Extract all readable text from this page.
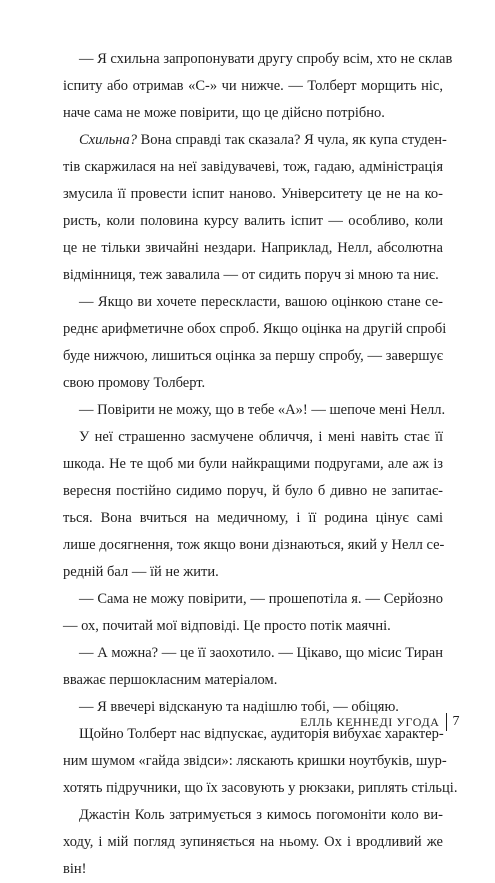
— Я схильна запропонувати другу спробу всім, хто не склав
іспиту або отримав «С-» чи нижче. — Толберт морщить ніс,
наче сама не може повірити, що це дійсно потрібно.
Схильна? Вона справді так сказала? Я чула, як купа студен-
тів скаржилася на неї завідувачеві, тож, гадаю, адміністрація
змусила її провести іспит наново. Університету це не на ко-
ристь, коли половина курсу валить іспит — особливо, коли
це не тільки звичайні нездари. Наприклад, Нелл, абсолютна
відмінниця, теж завалила — от сидить поруч зі мною та ниє.
— Якщо ви хочете перескласти, вашою оцінкою стане се-
реднє арифметичне обох спроб. Якщо оцінка на другій спробі
буде нижчою, лишиться оцінка за першу спробу, — завершує
свою промову Толберт.
— Повірити не можу, що в тебе «А»! — шепоче мені Нелл.
У неї страшенно засмучене обличчя, і мені навіть стає її
шкода. Не те щоб ми були найкращими подругами, але аж із
вересня постійно сидимо поруч, й було б дивно не запитає-
ться. Вона вчиться на медичному, і її родина цінує самі
лише досягнення, тож якщо вони дізнаються, який у Нелл се-
редній бал — їй не жити.
— Сама не можу повірити, — прошепотіла я. — Серйозно
— ох, почитай мої відповіді. Це просто потік маячні.
— А можна? — це її заохотило. — Цікаво, що місис Тиран
вважає першокласним матеріалом.
— Я ввечері відсканую та надішлю тобі, — обіцяю.
Щойно Толберт нас відпускає, аудиторія вибухає характер-
ним шумом «гайда звідси»: ляскають кришки ноутбуків, шур-
хотять підручники, що їх засовують у рюкзаки, риплять стільці.
Джастін Коль затримується з кимось погомоніти коло ви-
ходу, і мій погляд зупиняється на ньому. Ох і вродливий же
він!
ЕЛЛЬ КЕННЕДІ УГОДА 7
